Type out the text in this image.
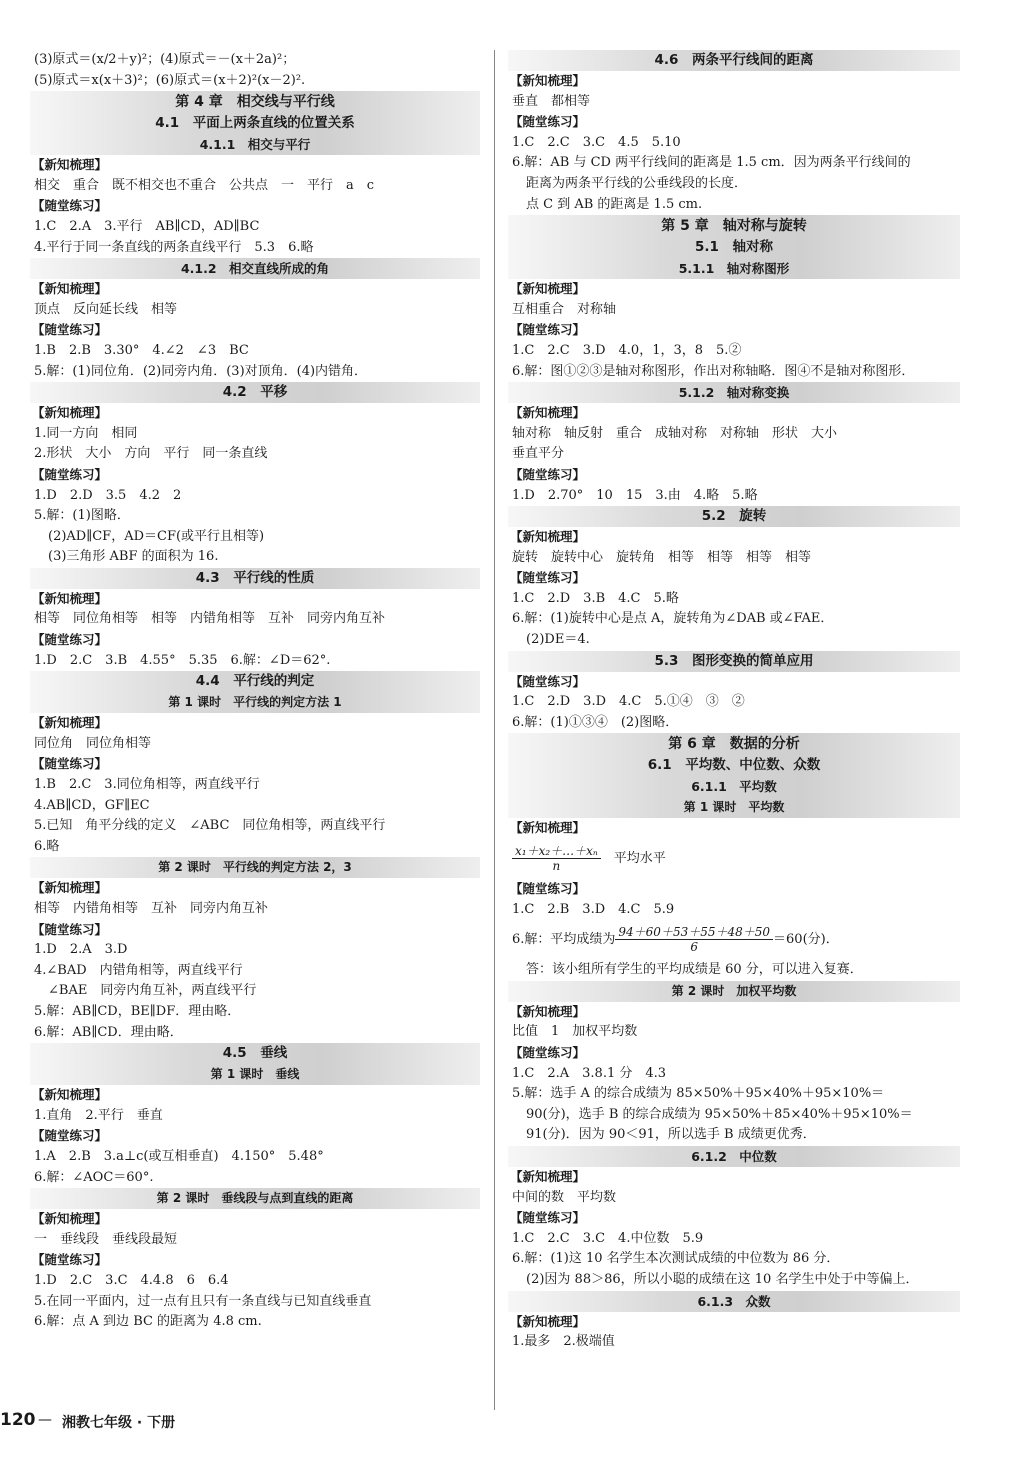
(3)原式＝(x/2＋y)²；(4)原式＝－(x＋2a)²；
(5)原式＝x(x＋3)²；(6)原式＝(x＋2)²(x－2)².
第 4 章　相交线与平行线
4.1　平面上两条直线的位置关系
4.1.1　相交与平行
【新知梳理】
相交　重合　既不相交也不重合　公共点　一　平行　a　c
【随堂练习】
1.C　2.A　3.平行　AB∥CD，AD∥BC
4.平行于同一条直线的两条直线平行　5.3　6.略
4.1.2　相交直线所成的角
【新知梳理】
顶点　反向延长线　相等
【随堂练习】
1.B　2.B　3.30°　4.∠2　∠3　BC
5.解：(1)同位角．(2)同旁内角．(3)对顶角．(4)内错角．
4.2　平移
【新知梳理】
1.同一方向　相同
2.形状　大小　方向　平行　同一条直线
【随堂练习】
1.D　2.D　3.5　4.2　2
5.解：(1)图略．
(2)AD∥CF，AD＝CF(或平行且相等)
(3)三角形 ABF 的面积为 16.
4.3　平行线的性质
【新知梳理】
相等　同位角相等　相等　内错角相等　互补　同旁内角互补
【随堂练习】
1.D　2.C　3.B　4.55°　5.35　6.解：∠D＝62°.
4.4　平行线的判定
第 1 课时　平行线的判定方法 1
【新知梳理】
同位角　同位角相等
【随堂练习】
1.B　2.C　3.同位角相等，两直线平行
4.AB∥CD，GF∥EC
5.已知　角平分线的定义　∠ABC　同位角相等，两直线平行
6.略
第 2 课时　平行线的判定方法 2，3
【新知梳理】
相等　内错角相等　互补　同旁内角互补
【随堂练习】
1.D　2.A　3.D
4.∠BAD　内错角相等，两直线平行
∠BAE　同旁内角互补，两直线平行
5.解：AB∥CD，BE∥DF．理由略．
6.解：AB∥CD．理由略．
4.5　垂线
第 1 课时　垂线
【新知梳理】
1.直角　2.平行　垂直
【随堂练习】
1.A　2.B　3.a⊥c(或互相垂直)　4.150°　5.48°
6.解：∠AOC＝60°.
第 2 课时　垂线段与点到直线的距离
【新知梳理】
一　垂线段　垂线段最短
【随堂练习】
1.D　2.C　3.C　4.4.8　6　6.4
5.在同一平面内，过一点有且只有一条直线与已知直线垂直
6.解：点 A 到边 BC 的距离为 4.8 cm.
4.6　两条平行线间的距离
【新知梳理】
垂直　都相等
【随堂练习】
1.C　2.C　3.C　4.5　5.10
6.解：AB 与 CD 两平行线间的距离是 1.5 cm．因为两条平行线间的
距离为两条平行线的公垂线段的长度．
点 C 到 AB 的距离是 1.5 cm.
第 5 章　轴对称与旋转
5.1　轴对称
5.1.1　轴对称图形
【新知梳理】
互相重合　对称轴
【随堂练习】
1.C　2.C　3.D　4.0，1，3，8　5.②
6.解：图①②③是轴对称图形，作出对称轴略．图④不是轴对称图形．
5.1.2　轴对称变换
【新知梳理】
轴对称　轴反射　重合　成轴对称　对称轴　形状　大小
垂直平分
【随堂练习】
1.D　2.70°　10　15　3.由　4.略　5.略
5.2　旋转
【新知梳理】
旋转　旋转中心　旋转角　相等　相等　相等　相等
【随堂练习】
1.C　2.D　3.B　4.C　5.略
6.解：(1)旋转中心是点 A，旋转角为∠DAB 或∠FAE．
(2)DE＝4.
5.3　图形变换的简单应用
【随堂练习】
1.C　2.D　3.D　4.C　5.①④　③　②
6.解：(1)①③④　(2)图略．
第 6 章　数据的分析
6.1　平均数、中位数、众数
6.1.1　平均数
第 1 课时　平均数
【新知梳理】
$\frac{\text{x₁＋x₂＋…＋xₙ}}{n}$ 　平均水平
【随堂练习】
1.C　2.B　3.D　4.C　5.9
6.解：平均成绩为 $\frac{94+60+53+55+48+50}{6} =60$(分)．
答：该小组所有学生的平均成绩是 60 分，可以进入复赛．
第 2 课时　加权平均数
【新知梳理】
比值　1　加权平均数
【随堂练习】
1.C　2.A　3.8.1 分　4.3
5.解：选手 A 的综合成绩为 85×50%＋95×40%＋95×10%＝
90(分)，选手 B 的综合成绩为 95×50%＋85×40%＋95×10%＝
91(分)．因为 90＜91，所以选手 B 成绩更优秀．
6.1.2　中位数
【新知梳理】
中间的数　平均数
【随堂练习】
1.C　2.C　3.C　4.中位数　5.9
6.解：(1)这 10 名学生本次测试成绩的中位数为 86 分．
(2)因为 88＞86，所以小聪的成绩在这 10 名学生中处于中等偏上．
6.1.3　众数
【新知梳理】
1.最多　2.极端值
120 — 湘教七年级 · 下册
